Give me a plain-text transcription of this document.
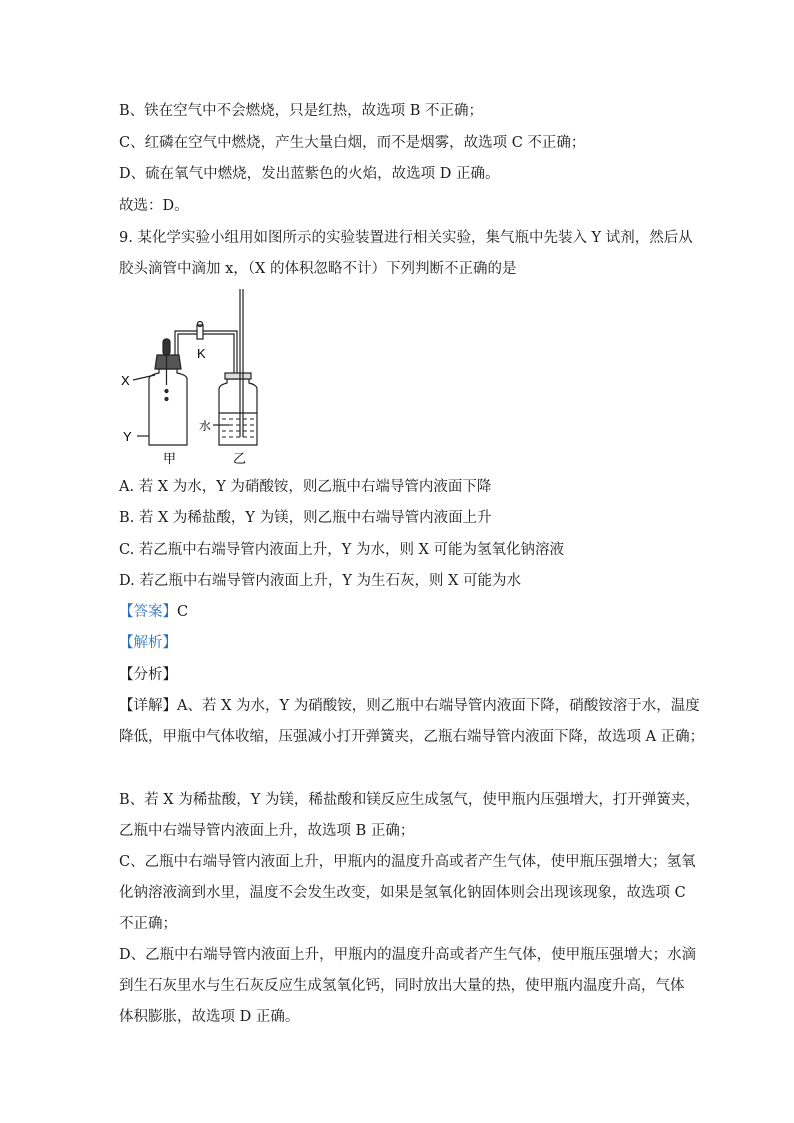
B、铁在空气中不会燃烧，只是红热，故选项 B 不正确；
C、红磷在空气中燃烧，产生大量白烟，而不是烟雾，故选项 C 不正确；
D、硫在氧气中燃烧，发出蓝紫色的火焰，故选项 D 正确。
故选：D。
9. 某化学实验小组用如图所示的实验装置进行相关实验，集气瓶中先装入 Y 试剂，然后从
胶头滴管中滴加 x，（X 的体积忽略不计）下列判断不正确的是
X
Y
K
水
甲	乙
A. 若 X 为水，Y 为硝酸铵，则乙瓶中右端导管内液面下降
B. 若 X 为稀盐酸，Y 为镁，则乙瓶中右端导管内液面上升
C. 若乙瓶中右端导管内液面上升，Y 为水，则 X 可能为氢氧化钠溶液
D. 若乙瓶中右端导管内液面上升，Y 为生石灰，则 X 可能为水
【答案】C
【解析】
【分析】
【详解】A、若 X 为水，Y 为硝酸铵，则乙瓶中右端导管内液面下降，硝酸铵溶于水，温度
降低，甲瓶中气体收缩，压强减小打开弹簧夹，乙瓶右端导管内液面下降，故选项 A 正确；
B、若 X 为稀盐酸，Y 为镁，稀盐酸和镁反应生成氢气，使甲瓶内压强增大，打开弹簧夹，
乙瓶中右端导管内液面上升，故选项 B 正确；
C、乙瓶中右端导管内液面上升，甲瓶内的温度升高或者产生气体，使甲瓶压强增大；氢氧
化钠溶液滴到水里，温度不会发生改变，如果是氢氧化钠固体则会出现该现象，故选项 C
不正确；
D、乙瓶中右端导管内液面上升，甲瓶内的温度升高或者产生气体，使甲瓶压强增大；水滴
到生石灰里水与生石灰反应生成氢氧化钙，同时放出大量的热，使甲瓶内温度升高，气体
体积膨胀，故选项 D 正确。
